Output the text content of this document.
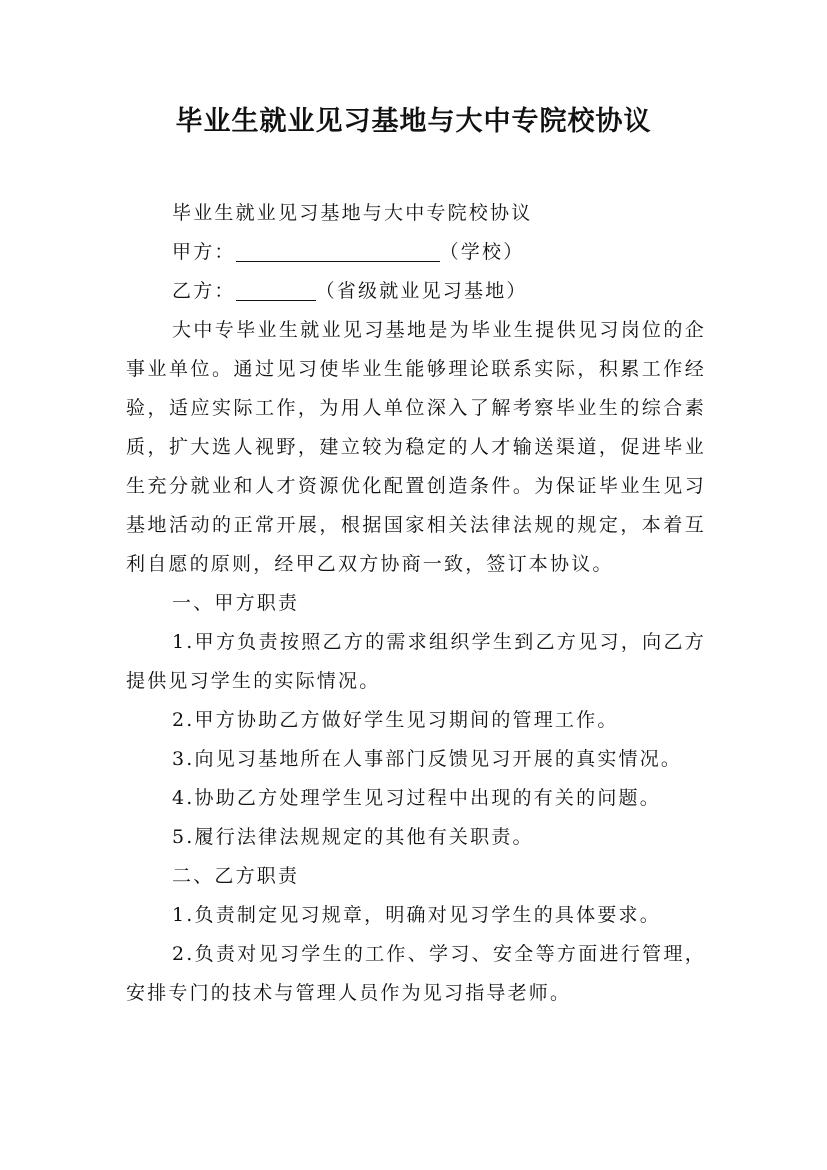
毕业生就业见习基地与大中专院校协议

毕业生就业见习基地与大中专院校协议

甲方：	（学校）

乙方：	（省级就业见习基地）

大中专毕业生就业见习基地是为毕业生提供见习岗位的企事业单位。通过见习使毕业生能够理论联系实际，积累工作经验，适应实际工作，为用人单位深入了解考察毕业生的综合素质，扩大选人视野，建立较为稳定的人才输送渠道，促进毕业生充分就业和人才资源优化配置创造条件。为保证毕业生见习基地活动的正常开展，根据国家相关法律法规的规定，本着互利自愿的原则，经甲乙双方协商一致，签订本协议。

一、甲方职责

1.甲方负责按照乙方的需求组织学生到乙方见习，向乙方提供见习学生的实际情况。

2.甲方协助乙方做好学生见习期间的管理工作。

3.向见习基地所在人事部门反馈见习开展的真实情况。

4.协助乙方处理学生见习过程中出现的有关的问题。

5.履行法律法规规定的其他有关职责。

二、乙方职责

1.负责制定见习规章，明确对见习学生的具体要求。

2.负责对见习学生的工作、学习、安全等方面进行管理，安排专门的技术与管理人员作为见习指导老师。
